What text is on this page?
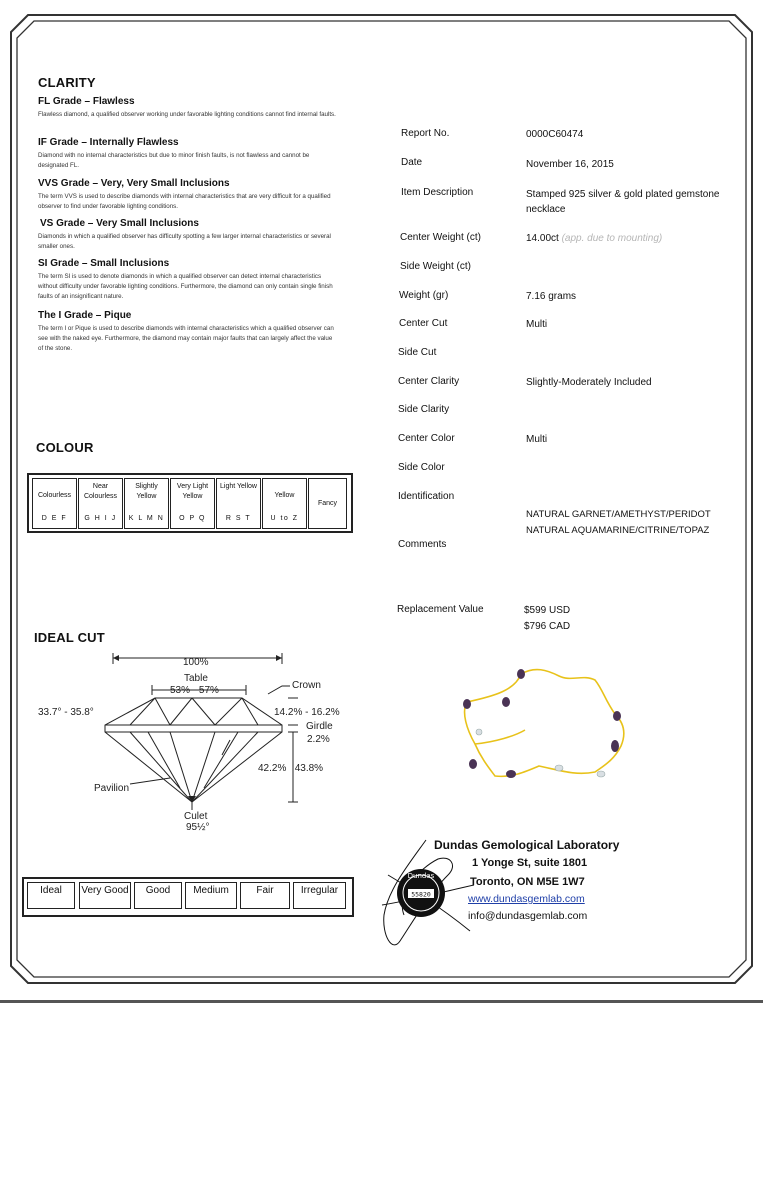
CLARITY
FL Grade – Flawless
Flawless diamond, a qualified observer working under favorable lighting conditions cannot find internal faults.
IF Grade – Internally Flawless
Diamond with no internal characteristics but due to minor finish faults, is not flawless and cannot be designated FL.
VVS Grade – Very, Very Small Inclusions
The term VVS is used to describe diamonds with internal characteristics that are very difficult for a qualified observer to find under favorable lighting conditions.
VS Grade – Very Small Inclusions
Diamonds in which a qualified observer has difficulty spotting a few larger internal characteristics or several smaller ones.
SI Grade – Small Inclusions
The term SI is used to denote diamonds in which a qualified observer can detect internal characteristics without difficulty under favorable lighting conditions. Furthermore, the diamond can only contain single finish faults of an insignificant nature.
The I Grade – Pique
The term I or Pique is used to describe diamonds with internal characteristics which a qualified observer can see with the naked eye. Furthermore, the diamond may contain major faults that can largely affect the value of the stone.
COLOUR
Colourless
D E F
Near Colourless
G H I J
Slightly Yellow
K L M N
Very Light Yellow
O P Q
Light Yellow
R S T
Yellow
U to Z
Fancy
IDEAL CUT
100%
Table
53% - 57%	Crown
33.7° - 35.8°	14.2% - 16.2%
Girdle
2.2%
42.2%   43.8%
Pavilion
Culet
95½°
Ideal	Very Good	Good	Medium	Fair	Irregular
Report No.	0000C60474
Date	November 16, 2015
Item Description	Stamped 925 silver & gold plated gemstone necklace
Center Weight (ct)	14.00ct (app. due to mounting)
Side Weight (ct)
Weight (gr)	7.16 grams
Center Cut	Multi
Side Cut
Center Clarity	Slightly-Moderately Included
Side Clarity
Center Color	Multi
Side Color
Identification
NATURAL GARNET/AMETHYST/PERIDOT
NATURAL AQUAMARINE/CITRINE/TOPAZ
Comments
Replacement Value	$599 USD
$796 CAD
Dundas
55820
Dundas Gemological Laboratory
1 Yonge St, suite 1801
Toronto, ON M5E 1W7
www.dundasgemlab.com
info@dundasgemlab.com
